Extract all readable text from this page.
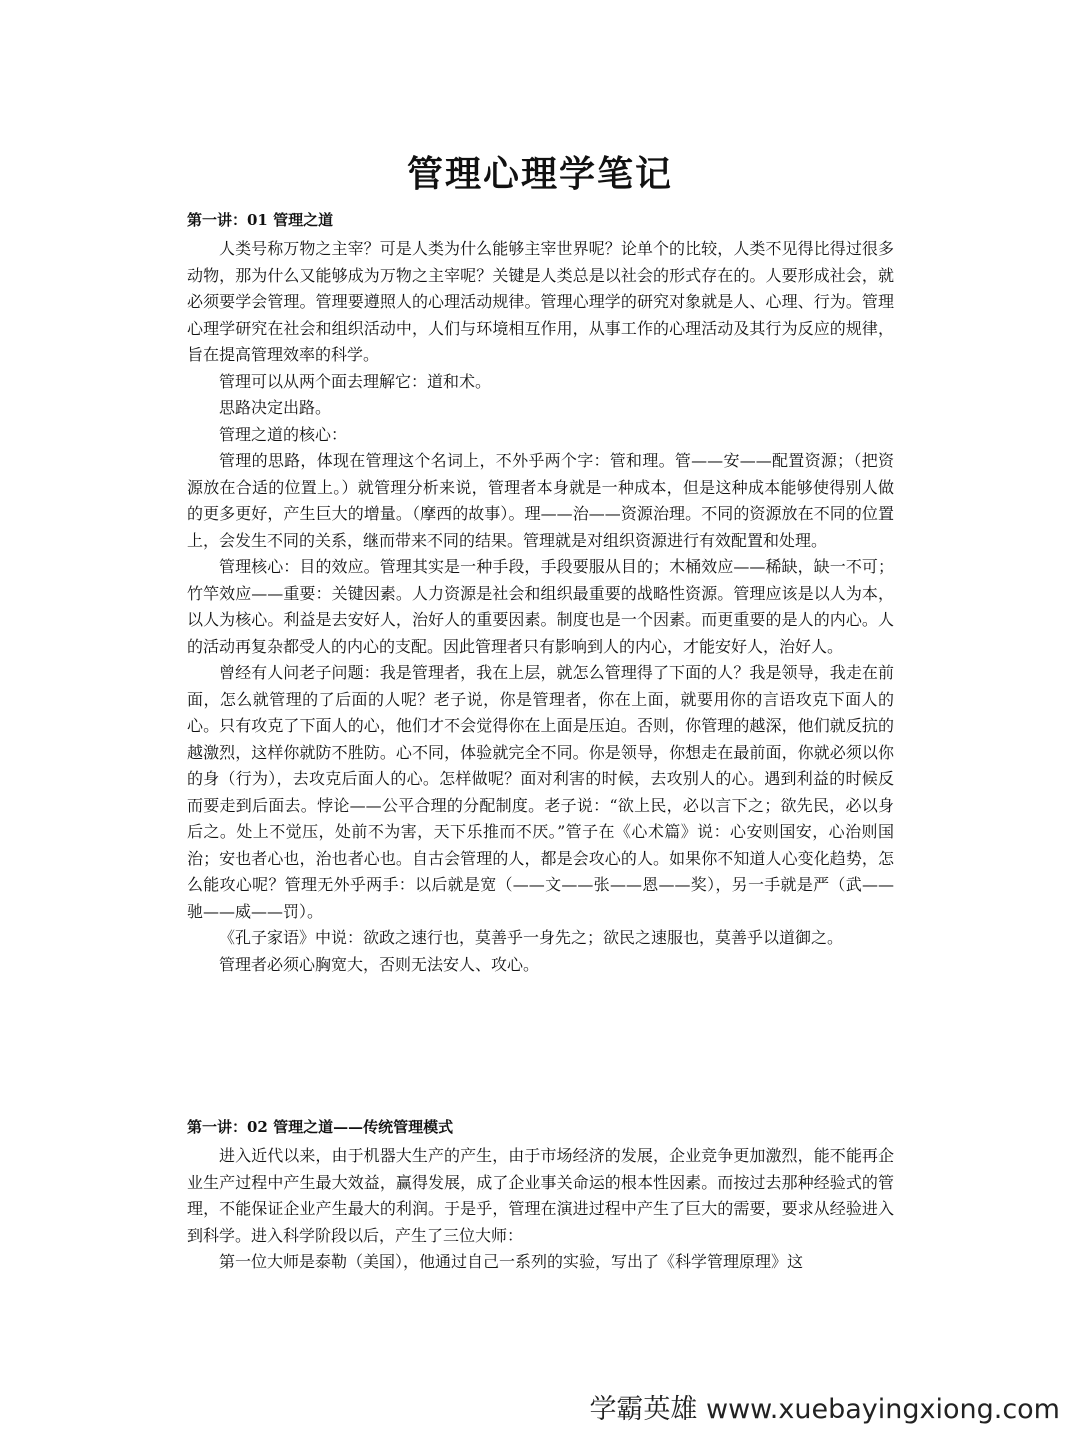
管理心理学笔记

第一讲：01 管理之道

人类号称万物之主宰？可是人类为什么能够主宰世界呢？论单个的比较，人类不见得比得过很多动物，那为什么又能够成为万物之主宰呢？关键是人类总是以社会的形式存在的。人要形成社会，就必须要学会管理。管理要遵照人的心理活动规律。管理心理学的研究对象就是人、心理、行为。管理心理学研究在社会和组织活动中，人们与环境相互作用，从事工作的心理活动及其行为反应的规律，旨在提高管理效率的科学。

管理可以从两个面去理解它：道和术。

思路决定出路。

管理之道的核心：

管理的思路，体现在管理这个名词上，不外乎两个字：管和理。管——安——配置资源；（把资源放在合适的位置上。）就管理分析来说，管理者本身就是一种成本，但是这种成本能够使得别人做的更多更好，产生巨大的增量。（摩西的故事）。理——治——资源治理。不同的资源放在不同的位置上，会发生不同的关系，继而带来不同的结果。管理就是对组织资源进行有效配置和处理。

管理核心：目的效应。管理其实是一种手段，手段要服从目的；木桶效应——稀缺，缺一不可；竹竿效应——重要：关键因素。人力资源是社会和组织最重要的战略性资源。管理应该是以人为本，以人为核心。利益是去安好人，治好人的重要因素。制度也是一个因素。而更重要的是人的内心。人的活动再复杂都受人的内心的支配。因此管理者只有影响到人的内心，才能安好人，治好人。

曾经有人问老子问题：我是管理者，我在上层，就怎么管理得了下面的人？我是领导，我走在前面，怎么就管理的了后面的人呢？老子说，你是管理者，你在上面，就要用你的言语攻克下面人的心。只有攻克了下面人的心，他们才不会觉得你在上面是压迫。否则，你管理的越深，他们就反抗的越激烈，这样你就防不胜防。心不同，体验就完全不同。你是领导，你想走在最前面，你就必须以你的身（行为），去攻克后面人的心。怎样做呢？面对利害的时候，去攻别人的心。遇到利益的时候反而要走到后面去。悖论——公平合理的分配制度。老子说：“欲上民，必以言下之；欲先民，必以身后之。处上不觉压，处前不为害，天下乐推而不厌。”管子在《心术篇》说：心安则国安，心治则国治；安也者心也，治也者心也。自古会管理的人，都是会攻心的人。如果你不知道人心变化趋势，怎么能攻心呢？管理无外乎两手：以后就是宽（——文——张——恩——奖），另一手就是严（武——驰——威——罚）。

《孔子家语》中说：欲政之速行也，莫善乎一身先之；欲民之速服也，莫善乎以道御之。

管理者必须心胸宽大，否则无法安人、攻心。

第一讲：02 管理之道——传统管理模式

进入近代以来，由于机器大生产的产生，由于市场经济的发展，企业竞争更加激烈，能不能再企业生产过程中产生最大效益，赢得发展，成了企业事关命运的根本性因素。而按过去那种经验式的管理，不能保证企业产生最大的利润。于是乎，管理在演进过程中产生了巨大的需要，要求从经验进入到科学。进入科学阶段以后，产生了三位大师：

第一位大师是泰勒（美国），他通过自己一系列的实验，写出了《科学管理原理》这

学霸英雄 www.xuebayingxiong.com
